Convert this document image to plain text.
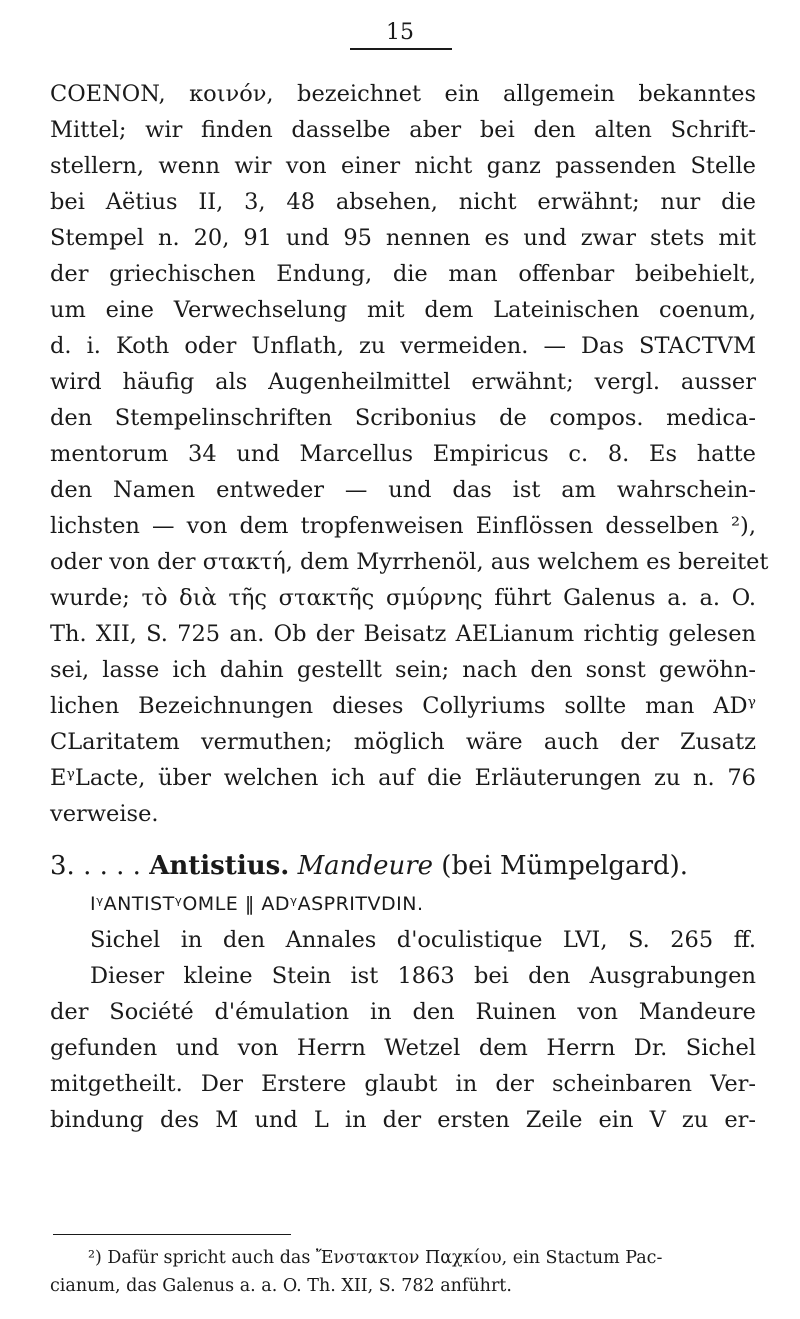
15
COENON, κοινόν, bezeichnet ein allgemein bekanntes
Mittel; wir finden dasselbe aber bei den alten Schrift-
stellern, wenn wir von einer nicht ganz passenden Stelle
bei Aëtius II, 3, 48 absehen, nicht erwähnt; nur die
Stempel n. 20, 91 und 95 nennen es und zwar stets mit
der griechischen Endung, die man offenbar beibehielt,
um eine Verwechselung mit dem Lateinischen coenum,
d. i. Koth oder Unflath, zu vermeiden. — Das STACTVM
wird häufig als Augenheilmittel erwähnt; vergl. ausser
den Stempelinschriften Scribonius de compos. medica-
mentorum 34 und Marcellus Empiricus c. 8. Es hatte
den Namen entweder — und das ist am wahrschein-
lichsten — von dem tropfenweisen Einflössen desselben ²),
oder von der στακτή, dem Myrrhenöl, aus welchem es bereitet
wurde; τὸ διὰ τῆς στακτῆς σμύρνης führt Galenus a. a. O.
Th. XII, S. 725 an. Ob der Beisatz AELianum richtig gelesen
sei, lasse ich dahin gestellt sein; nach den sonst gewöhn-
lichen Bezeichnungen dieses Collyriums sollte man ADᵞ
CLaritatem vermuthen; möglich wäre auch der Zusatz
EᵞLacte, über welchen ich auf die Erläuterungen zu n. 76
verweise.
3. . . . . Antistius. Mandeure (bei Mümpelgard).
IᵞANTISTᵞOMLE ‖ ADᵞASPRITVDIN.
Sichel in den Annales d'oculistique LVI, S. 265 ff.
Dieser kleine Stein ist 1863 bei den Ausgrabungen
der Société d'émulation in den Ruinen von Mandeure
gefunden und von Herrn Wetzel dem Herrn Dr. Sichel
mitgetheilt. Der Erstere glaubt in der scheinbaren Ver-
bindung des M und L in der ersten Zeile ein V zu er-
²) Dafür spricht auch das Ἔνστακτον Παχκίου, ein Stactum Pac-
cianum, das Galenus a. a. O. Th. XII, S. 782 anführt.
